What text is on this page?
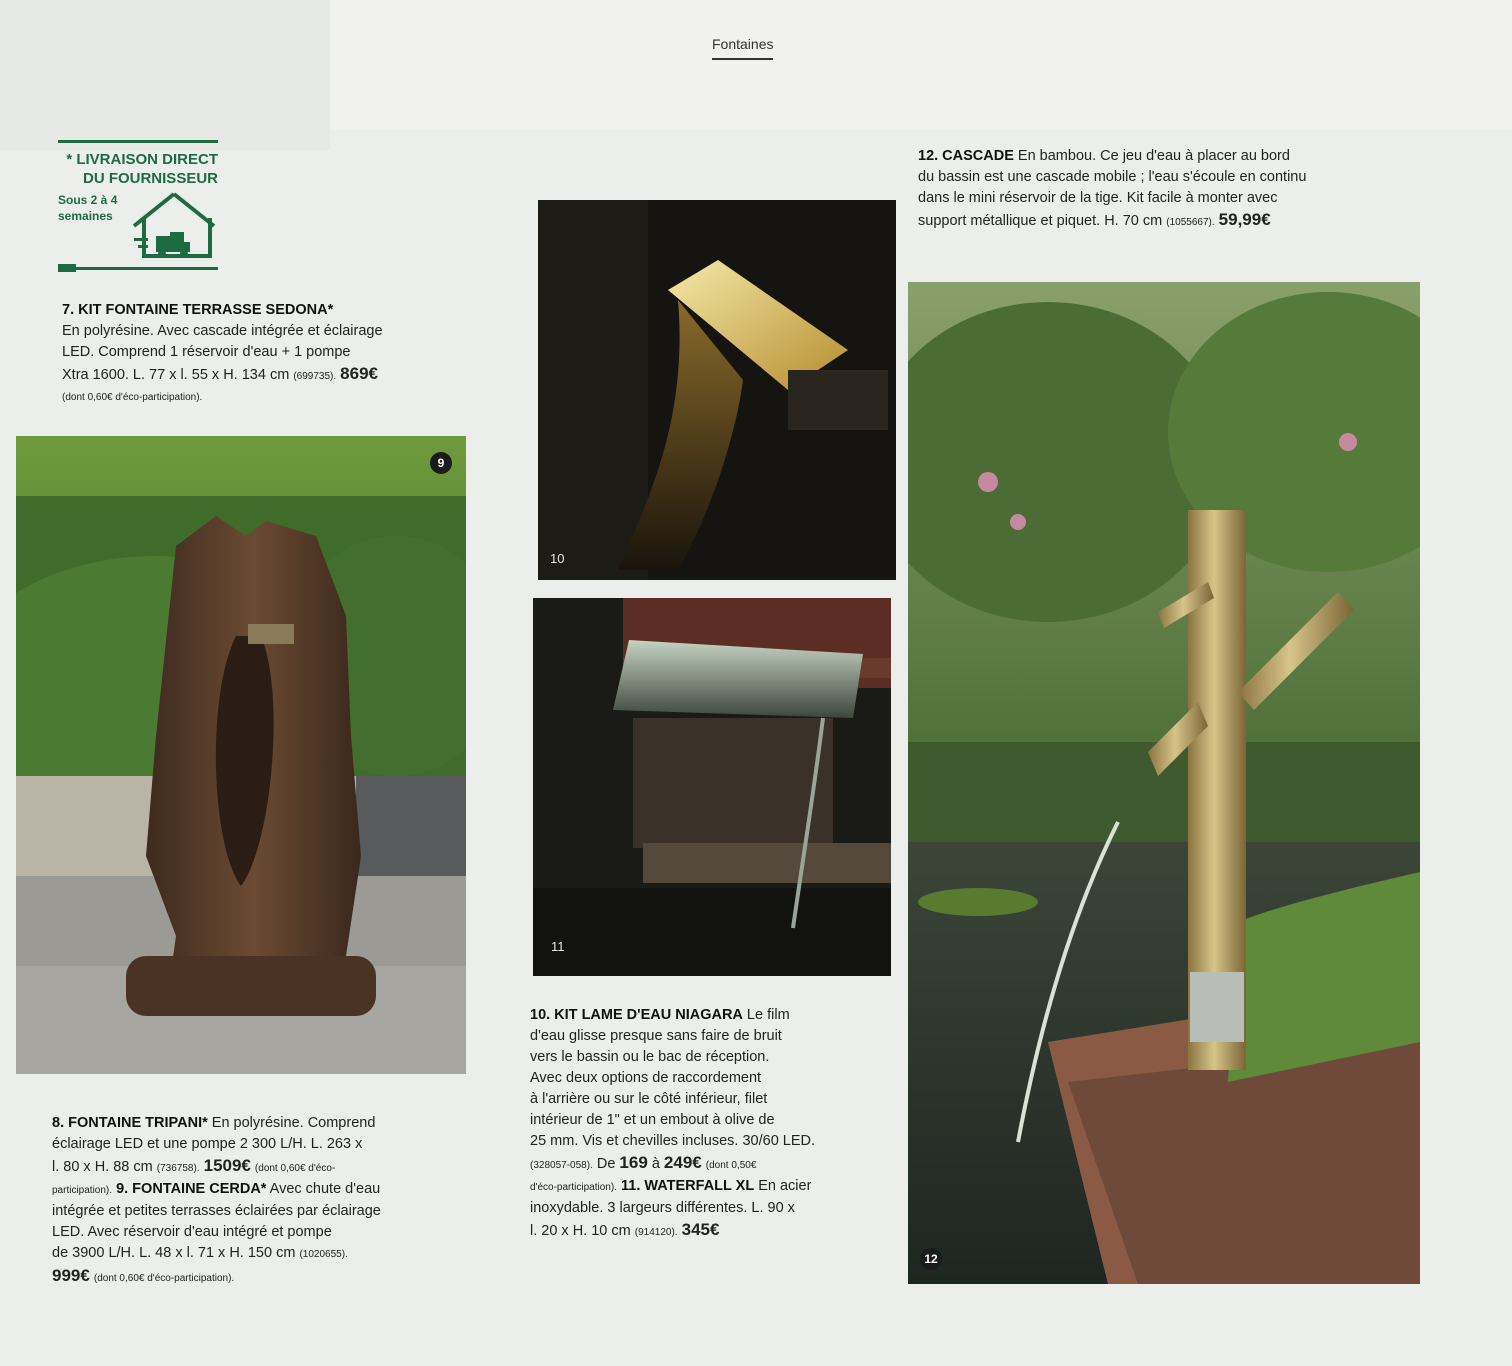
Fontaines
* LIVRAISON DIRECT
DU FOURNISSEUR
Sous 2 à 4
semaines
7. KIT FONTAINE TERRASSE SEDONA*
En polyrésine. Avec cascade intégrée et éclairage
LED. Comprend 1 réservoir d'eau + 1 pompe
Xtra 1600. L. 77 x l. 55 x H. 134 cm (699735). 869€
(dont 0,60€ d'éco-participation).
9
8. FONTAINE TRIPANI* En polyrésine. Comprend
éclairage LED et une pompe 2 300 L/H. L. 263 x
l. 80 x H. 88 cm (736758). 1509€ (dont 0,60€ d'éco-
participation). 9. FONTAINE CERDA* Avec chute d'eau
intégrée et petites terrasses éclairées par éclairage
LED. Avec réservoir d'eau intégré et pompe
de 3900 L/H. L. 48 x l. 71 x H. 150 cm (1020655).
999€ (dont 0,60€ d'éco-participation).
10
11
10. KIT LAME D'EAU NIAGARA Le film
d'eau glisse presque sans faire de bruit
vers le bassin ou le bac de réception.
Avec deux options de raccordement
à l'arrière ou sur le côté inférieur, filet
intérieur de 1" et un embout à olive de
25 mm. Vis et chevilles incluses. 30/60 LED.
(328057-058). De 169 à 249€ (dont 0,50€
d'éco-participation). 11. WATERFALL XL En acier
inoxydable. 3 largeurs différentes. L. 90 x
l. 20 x H. 10 cm (914120). 345€
12. CASCADE En bambou. Ce jeu d'eau à placer au bord
du bassin est une cascade mobile ; l'eau s'écoule en continu
dans le mini réservoir de la tige. Kit facile à monter avec
support métallique et piquet. H. 70 cm (1055667). 59,99€
12
